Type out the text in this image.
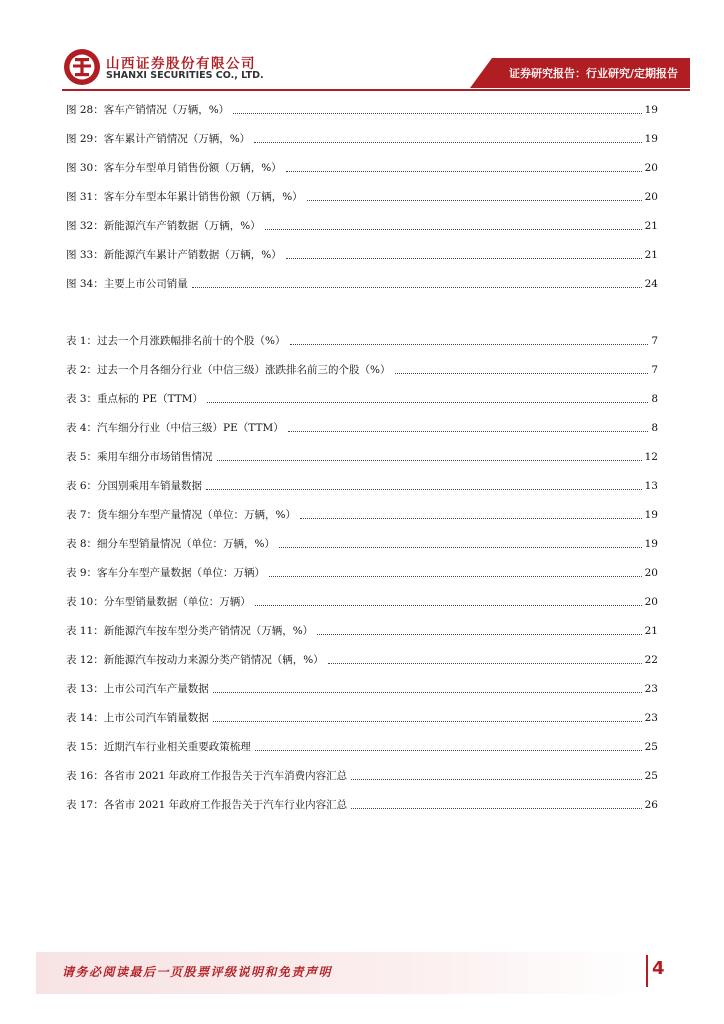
山西证券股份有限公司
SHANXI SECURITIES CO., LTD.	证券研究报告：行业研究/定期报告
图 28：客车产销情况（万辆，%）	19
图 29：客车累计产销情况（万辆，%）	19
图 30：客车分车型单月销售份额（万辆，%）	20
图 31：客车分车型本年累计销售份额（万辆，%）	20
图 32：新能源汽车产销数据（万辆，%）	21
图 33：新能源汽车累计产销数据（万辆，%）	21
图 34：主要上市公司销量	24
表 1：过去一个月涨跌幅排名前十的个股（%）	7
表 2：过去一个月各细分行业（中信三级）涨跌排名前三的个股（%）	7
表 3：重点标的 PE（TTM）	8
表 4：汽车细分行业（中信三级）PE（TTM）	8
表 5：乘用车细分市场销售情况	12
表 6：分国别乘用车销量数据	13
表 7：货车细分车型产量情况（单位：万辆，%）	19
表 8：细分车型销量情况（单位：万辆，%）	19
表 9：客车分车型产量数据（单位：万辆）	20
表 10：分车型销量数据（单位：万辆）	20
表 11：新能源汽车按车型分类产销情况（万辆，%）	21
表 12：新能源汽车按动力来源分类产销情况（辆，%）	22
表 13：上市公司汽车产量数据	23
表 14：上市公司汽车销量数据	23
表 15：近期汽车行业相关重要政策梳理	25
表 16：各省市 2021 年政府工作报告关于汽车消费内容汇总	25
表 17：各省市 2021 年政府工作报告关于汽车行业内容汇总	26
请务必阅读最后一页股票评级说明和免责声明	4
